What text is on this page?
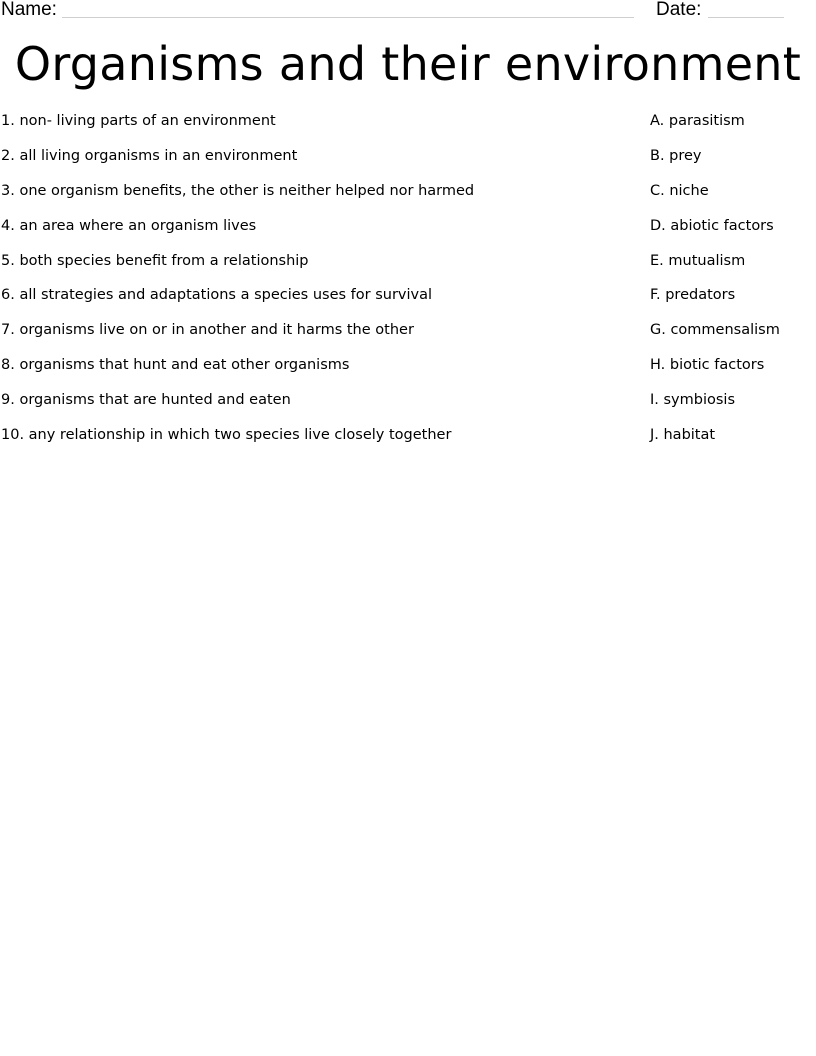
Name:	Date:
Organisms and their environment
1. non- living parts of an environment
2. all living organisms in an environment
3. one organism benefits, the other is neither helped nor harmed
4. an area where an organism lives
5. both species benefit from a relationship
6. all strategies and adaptations a species uses for survival
7. organisms live on or in another and it harms the other
8. organisms that hunt and eat other organisms
9. organisms that are hunted and eaten
10. any relationship in which two species live closely together
A. parasitism
B. prey
C. niche
D. abiotic factors
E. mutualism
F. predators
G. commensalism
H. biotic factors
I. symbiosis
J. habitat
